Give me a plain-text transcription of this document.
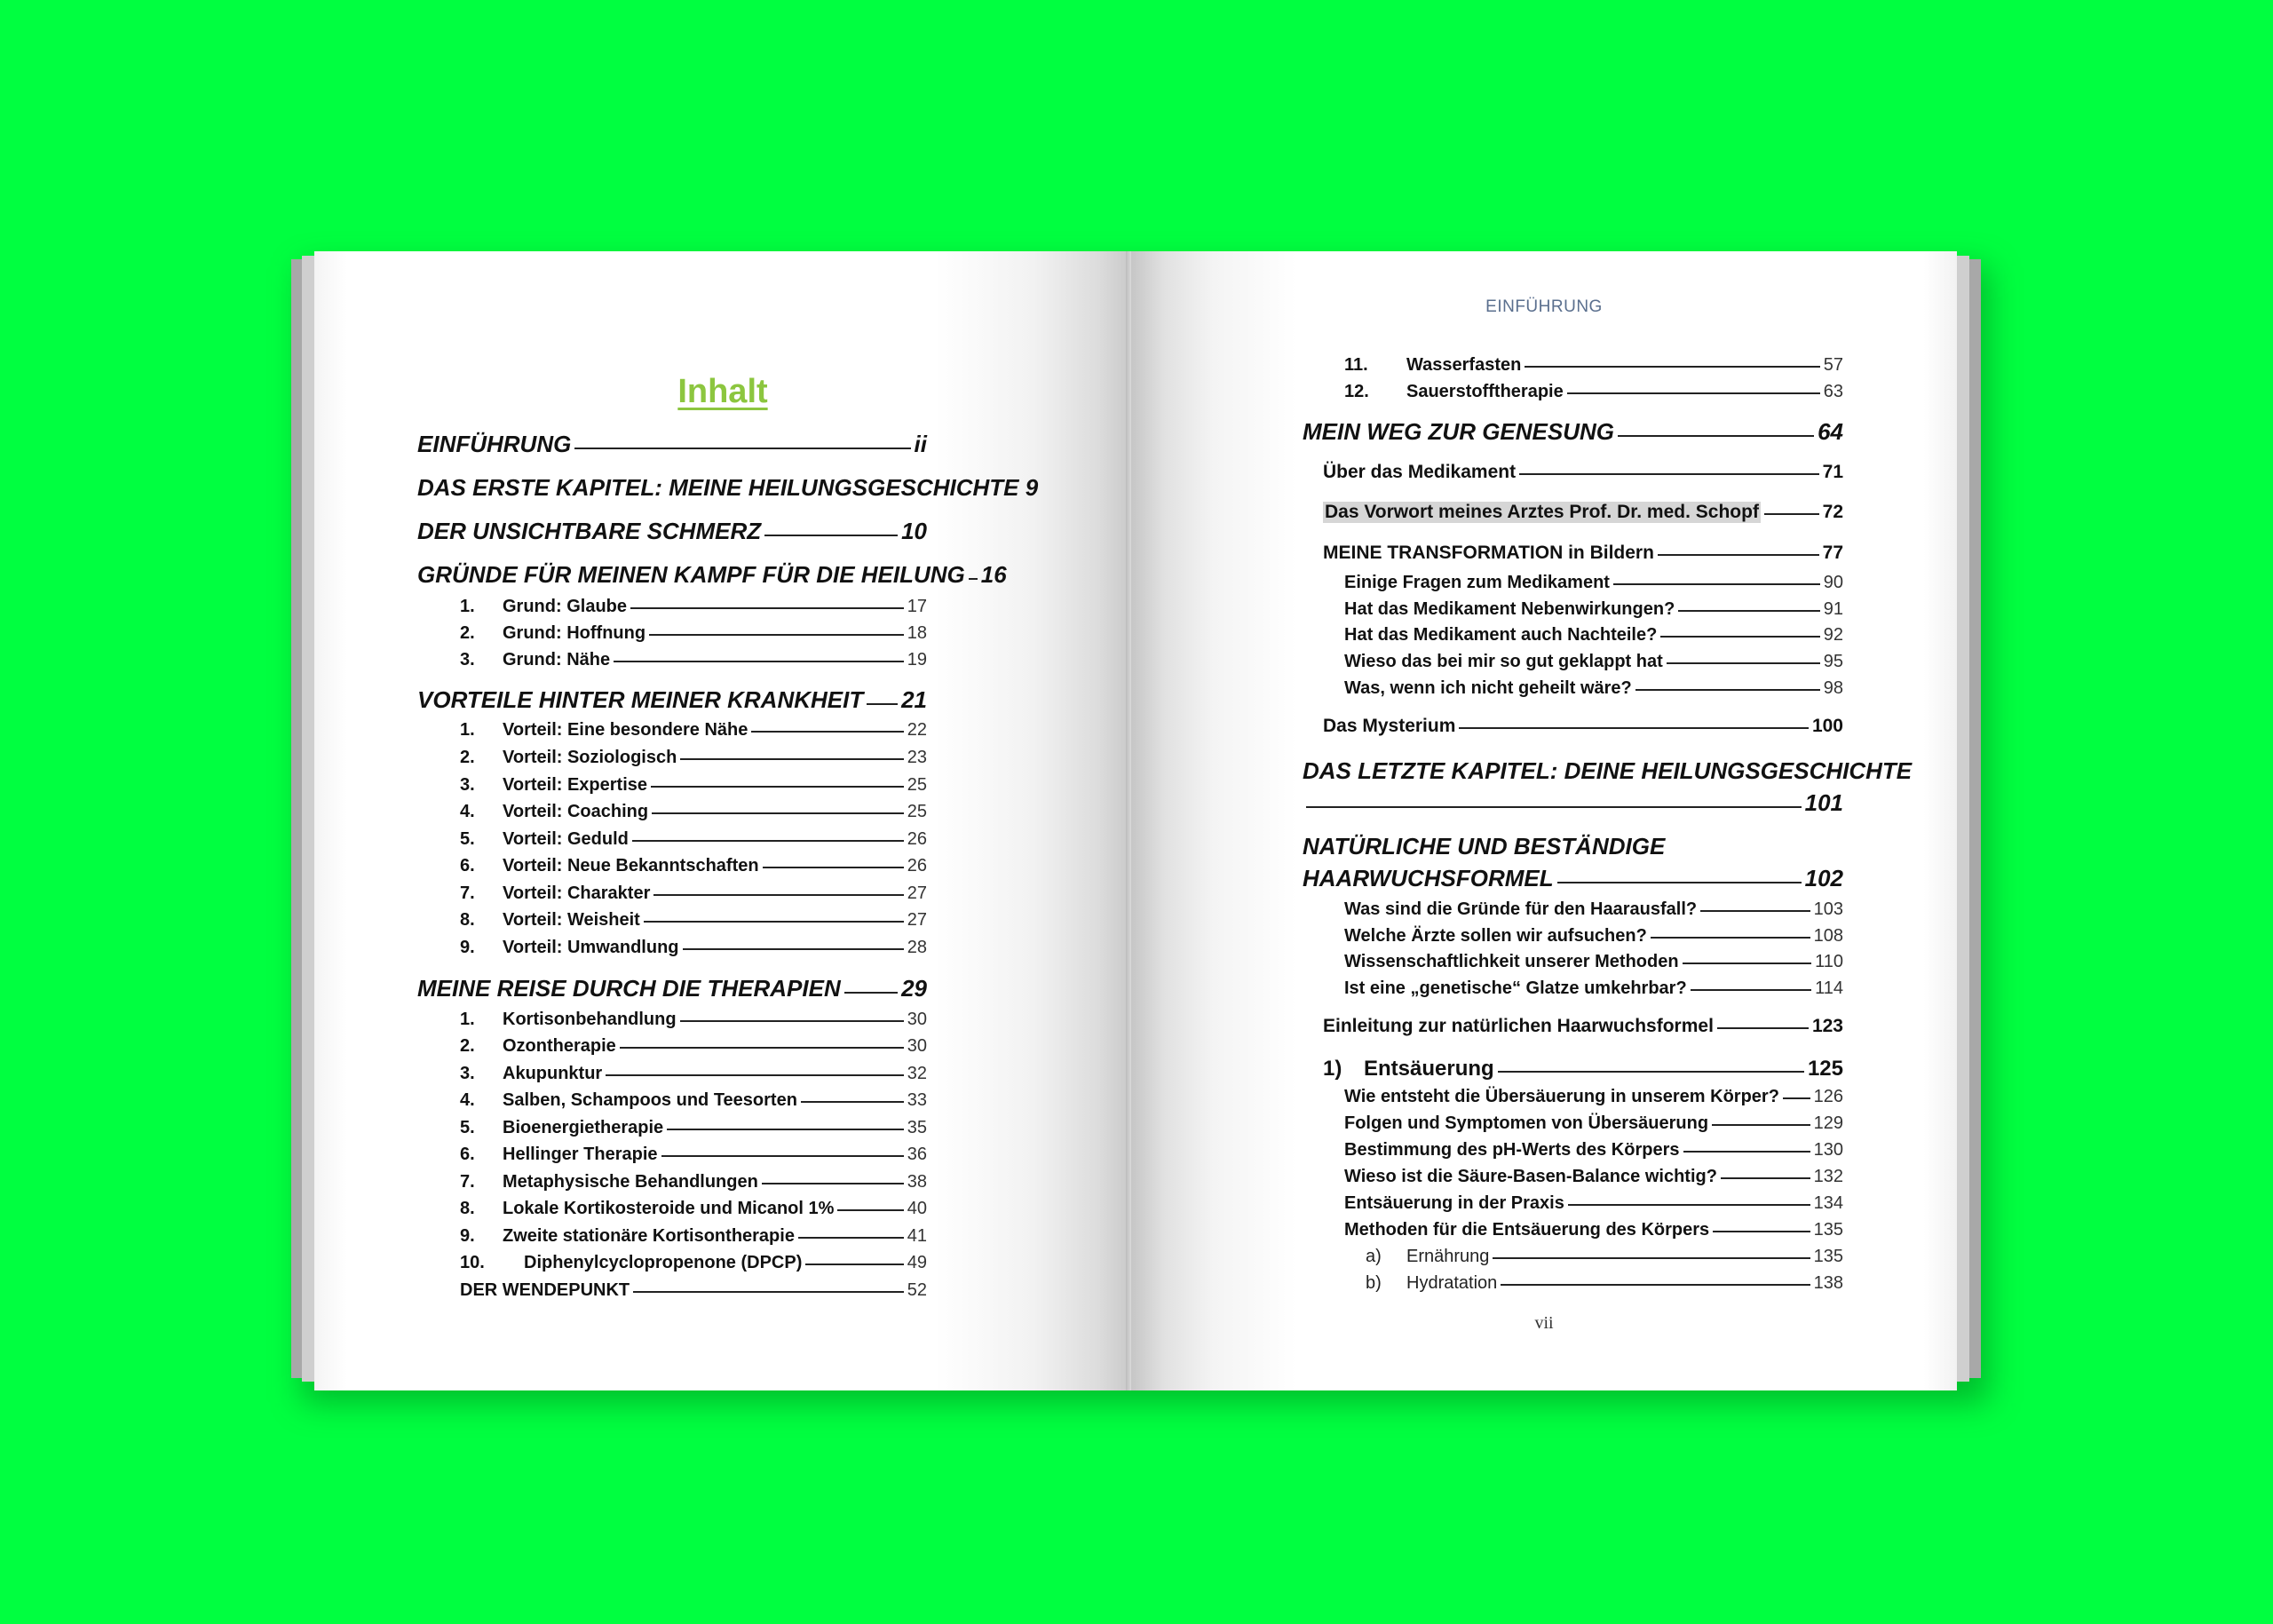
Inhalt
EINFÜHRUNG	ii
DAS ERSTE KAPITEL: MEINE HEILUNGSGESCHICHTE 9
DER UNSICHTBARE SCHMERZ	10
GRÜNDE FÜR MEINEN KAMPF FÜR DIE HEILUNG 16
1.	Grund: Glaube	17
2.	Grund: Hoffnung	18
3.	Grund: Nähe	19
VORTEILE HINTER MEINER KRANKHEIT 21
1.	Vorteil: Eine besondere Nähe	22
2.	Vorteil: Soziologisch	23
3.	Vorteil: Expertise	25
4.	Vorteil: Coaching	25
5.	Vorteil: Geduld	26
6.	Vorteil: Neue Bekanntschaften	26
7.	Vorteil: Charakter	27
8.	Vorteil: Weisheit	27
9.	Vorteil: Umwandlung	28
MEINE REISE DURCH DIE THERAPIEN	29
1.	Kortisonbehandlung	30
2.	Ozontherapie	30
3.	Akupunktur	32
4.	Salben, Schampoos und Teesorten	33
5.	Bioenergietherapie	35
6.	Hellinger Therapie	36
7.	Metaphysische Behandlungen	38
8.	Lokale Kortikosteroide und Micanol 1%	40
9.	Zweite stationäre Kortisontherapie	41
10.	Diphenylcyclopropenone (DPCP)	49
DER WENDEPUNKT	52
EINFÜHRUNG
11.	Wasserfasten	57
12.	Sauerstofftherapie	63
MEIN WEG ZUR GENESUNG	64
Über das Medikament	71
Das Vorwort meines Arztes Prof. Dr. med. Schopf	72
MEINE TRANSFORMATION in Bildern	77
Einige Fragen zum Medikament	90
Hat das Medikament Nebenwirkungen?	91
Hat das Medikament auch Nachteile?	92
Wieso das bei mir so gut geklappt hat	95
Was, wenn ich nicht geheilt wäre?	98
Das Mysterium	100
DAS LETZTE KAPITEL: DEINE HEILUNGSGESCHICHTE
101
NATÜRLICHE UND BESTÄNDIGE
HAARWUCHSFORMEL	102
Was sind die Gründe für den Haarausfall?	103
Welche Ärzte sollen wir aufsuchen?	108
Wissenschaftlichkeit unserer Methoden	110
Ist eine „genetische“ Glatze umkehrbar?	114
Einleitung zur natürlichen Haarwuchsformel	123
1)	Entsäuerung	125
Wie entsteht die Übersäuerung in unserem Körper? 126
Folgen und Symptomen von Übersäuerung	129
Bestimmung des pH-Werts des Körpers	130
Wieso ist die Säure-Basen-Balance wichtig?	132
Entsäuerung in der Praxis	134
Methoden für die Entsäuerung des Körpers	135
a)	Ernährung	135
b)	Hydratation	138
vii
